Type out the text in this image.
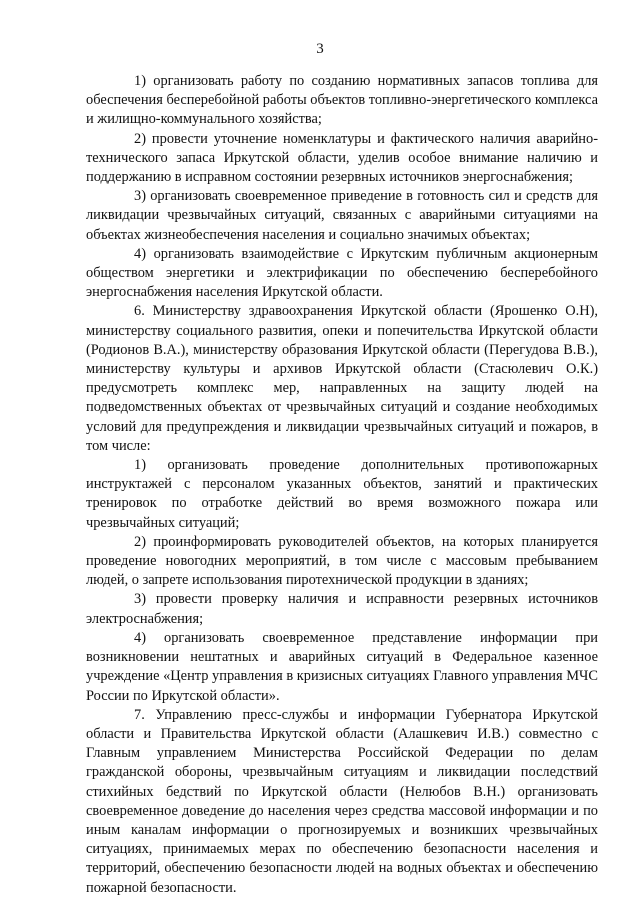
3

1) организовать работу по созданию нормативных запасов топлива для обеспечения бесперебойной работы объектов топливно-энергетического комплекса и жилищно-коммунального хозяйства;

2) провести уточнение номенклатуры и фактического наличия аварийно-технического запаса Иркутской области, уделив особое внимание наличию и поддержанию в исправном состоянии резервных источников энергоснабжения;

3) организовать своевременное приведение в готовность сил и средств для ликвидации чрезвычайных ситуаций, связанных с аварийными ситуациями на объектах жизнеобеспечения населения и социально значимых объектах;

4) организовать взаимодействие с Иркутским публичным акционерным обществом энергетики и электрификации по обеспечению бесперебойного энергоснабжения населения Иркутской области.

6. Министерству здравоохранения Иркутской области (Ярошенко О.Н), министерству социального развития, опеки и попечительства Иркутской области (Родионов В.А.), министерству образования Иркутской области (Перегудова В.В.), министерству культуры и архивов Иркутской области (Стасюлевич О.К.) предусмотреть комплекс мер, направленных на защиту людей на подведомственных объектах от чрезвычайных ситуаций и создание необходимых условий для предупреждения и ликвидации чрезвычайных ситуаций и пожаров, в том числе:

1) организовать проведение дополнительных противопожарных инструктажей с персоналом указанных объектов, занятий и практических тренировок по отработке действий во время возможного пожара или чрезвычайных ситуаций;

2) проинформировать руководителей объектов, на которых планируется проведение новогодних мероприятий, в том числе с массовым пребыванием людей, о запрете использования пиротехнической продукции в зданиях;

3) провести проверку наличия и исправности резервных источников электроснабжения;

4) организовать своевременное представление информации при возникновении нештатных и аварийных ситуаций в Федеральное казенное учреждение «Центр управления в кризисных ситуациях Главного управления МЧС России по Иркутской области».

7. Управлению пресс-службы и информации Губернатора Иркутской области и Правительства Иркутской области (Алашкевич И.В.) совместно с Главным управлением Министерства Российской Федерации по делам гражданской обороны, чрезвычайным ситуациям и ликвидации последствий стихийных бедствий по Иркутской области (Нелюбов В.Н.) организовать своевременное доведение до населения через средства массовой информации и по иным каналам информации о прогнозируемых и возникших чрезвычайных ситуациях, принимаемых мерах по обеспечению безопасности населения и территорий, обеспечению безопасности людей на водных объектах и обеспечению пожарной безопасности.
